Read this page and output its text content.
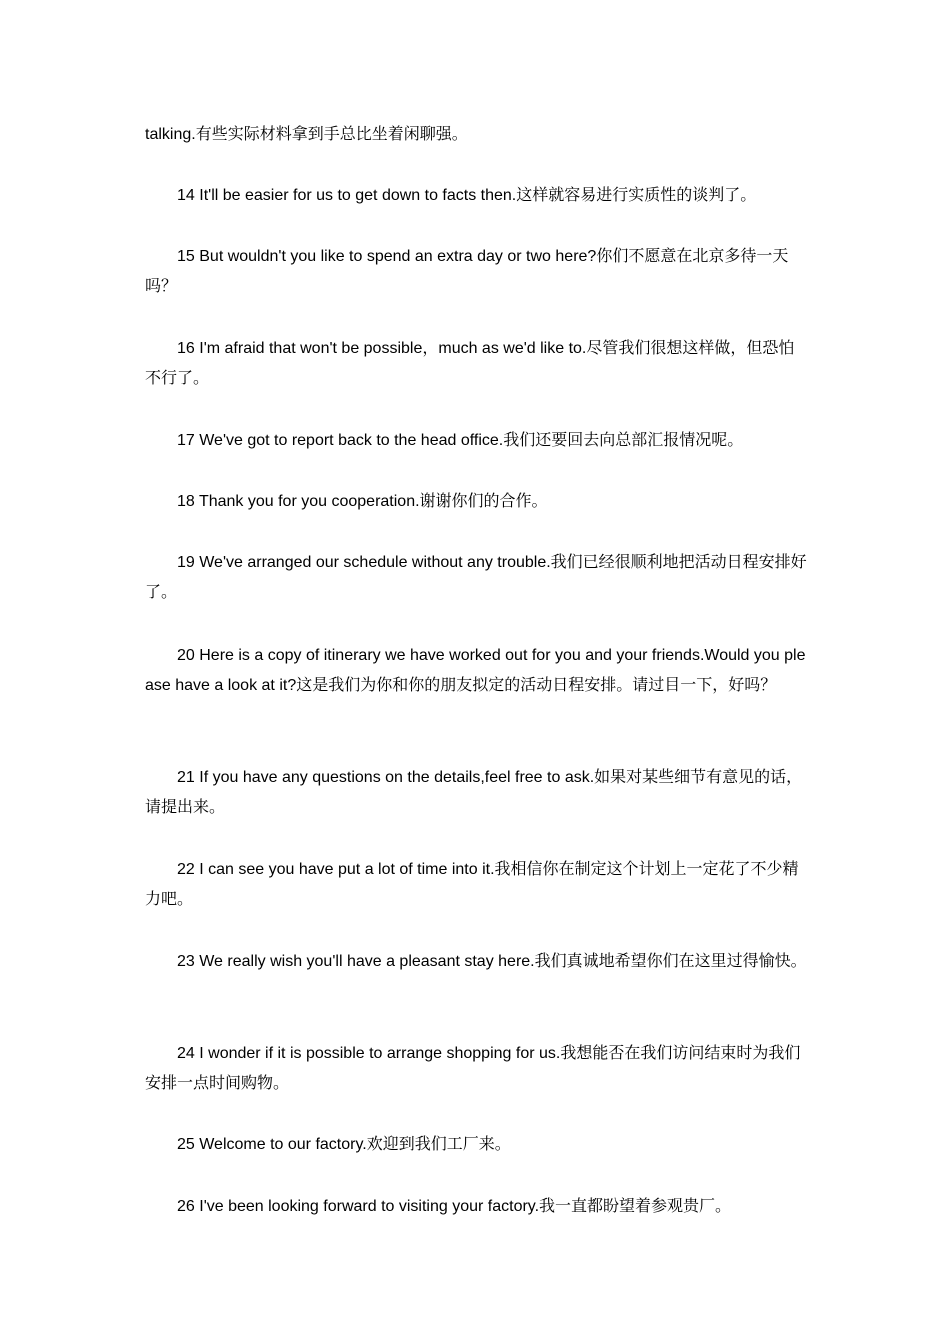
talking.有些实际材料拿到手总比坐着闲聊强。

14 It'll be easier for us to get down to facts then.这样就容易进行实质性的谈判了。

15 But wouldn't you like to spend an extra day or two here?你们不愿意在北京多待一天吗？

16 I'm afraid that won't be possible，much as we'd like to.尽管我们很想这样做，但恐怕不行了。

17 We've got to report back to the head office.我们还要回去向总部汇报情况呢。

18 Thank you for you cooperation.谢谢你们的合作。

19 We've arranged our schedule without any trouble.我们已经很顺利地把活动日程安排好了。

20 Here is a copy of itinerary we have worked out for you and your friends.Would you please have a look at it?这是我们为你和你的朋友拟定的活动日程安排。请过目一下，好吗？

21 If you have any questions on the details,feel free to ask.如果对某些细节有意见的话，请提出来。

22 I can see you have put a lot of time into it.我相信你在制定这个计划上一定花了不少精力吧。

23 We really wish you'll have a pleasant stay here.我们真诚地希望你们在这里过得愉快。

24 I wonder if it is possible to arrange shopping for us.我想能否在我们访问结束时为我们安排一点时间购物。

25 Welcome to our factory.欢迎到我们工厂来。

26 I've been looking forward to visiting your factory.我一直都盼望着参观贵厂。
